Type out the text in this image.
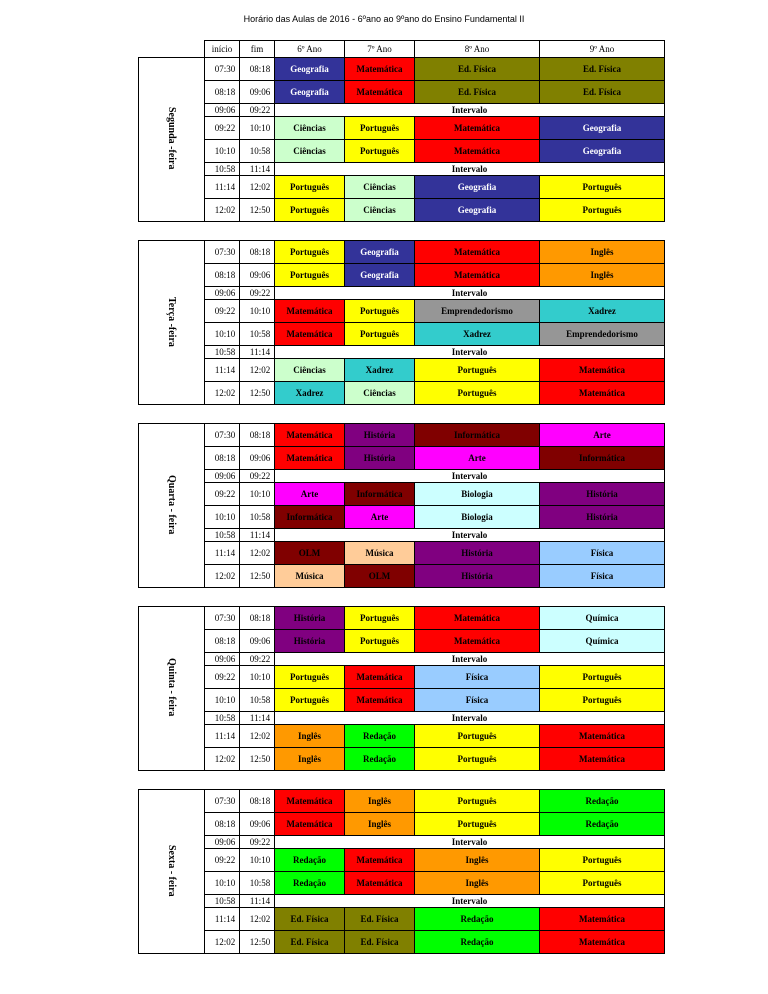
Horário das Aulas de 2016 - 6ºano ao 9ºano do Ensino Fundamental II
	início	fim	6º Ano	7º Ano	8º Ano	9º Ano
Segunda -feira	07:30	08:18	Geografia	Matemática	Ed. Física	Ed. Física
	08:18	09:06	Geografia	Matemática	Ed. Física	Ed. Física
	09:06	09:22	Intervalo			
	09:22	10:10	Ciências	Português	Matemática	Geografia
	10:10	10:58	Ciências	Português	Matemática	Geografia
	10:58	11:14	Intervalo			
	11:14	12:02	Português	Ciências	Geografia	Português
	12:02	12:50	Português	Ciências	Geografia	Português

Terça -feira	07:30	08:18	Português	Geografia	Matemática	Inglês
	08:18	09:06	Português	Geografia	Matemática	Inglês
	09:06	09:22	Intervalo			
	09:22	10:10	Matemática	Português	Emprendedorismo	Xadrez
	10:10	10:58	Matemática	Português	Xadrez	Emprendedorismo
	10:58	11:14	Intervalo			
	11:14	12:02	Ciências	Xadrez	Português	Matemática
	12:02	12:50	Xadrez	Ciências	Português	Matemática

Quarta - feira	07:30	08:18	Matemática	História	Informática	Arte
	08:18	09:06	Matemática	História	Arte	Informática
	09:06	09:22	Intervalo			
	09:22	10:10	Arte	Informática	Biologia	História
	10:10	10:58	Informática	Arte	Biologia	História
	10:58	11:14	Intervalo			
	11:14	12:02	OLM	Música	História	Física
	12:02	12:50	Música	OLM	História	Física

Quinta - feira	07:30	08:18	História	Português	Matemática	Química
	08:18	09:06	História	Português	Matemática	Química
	09:06	09:22	Intervalo			
	09:22	10:10	Português	Matemática	Física	Português
	10:10	10:58	Português	Matemática	Física	Português
	10:58	11:14	Intervalo			
	11:14	12:02	Inglês	Redação	Português	Matemática
	12:02	12:50	Inglês	Redação	Português	Matemática

Sexta - feira	07:30	08:18	Matemática	Inglês	Português	Redação
	08:18	09:06	Matemática	Inglês	Português	Redação
	09:06	09:22	Intervalo			
	09:22	10:10	Redação	Matemática	Inglês	Português
	10:10	10:58	Redação	Matemática	Inglês	Português
	10:58	11:14	Intervalo			
	11:14	12:02	Ed. Física	Ed. Física	Redação	Matemática
	12:02	12:50	Ed. Física	Ed. Física	Redação	Matemática
